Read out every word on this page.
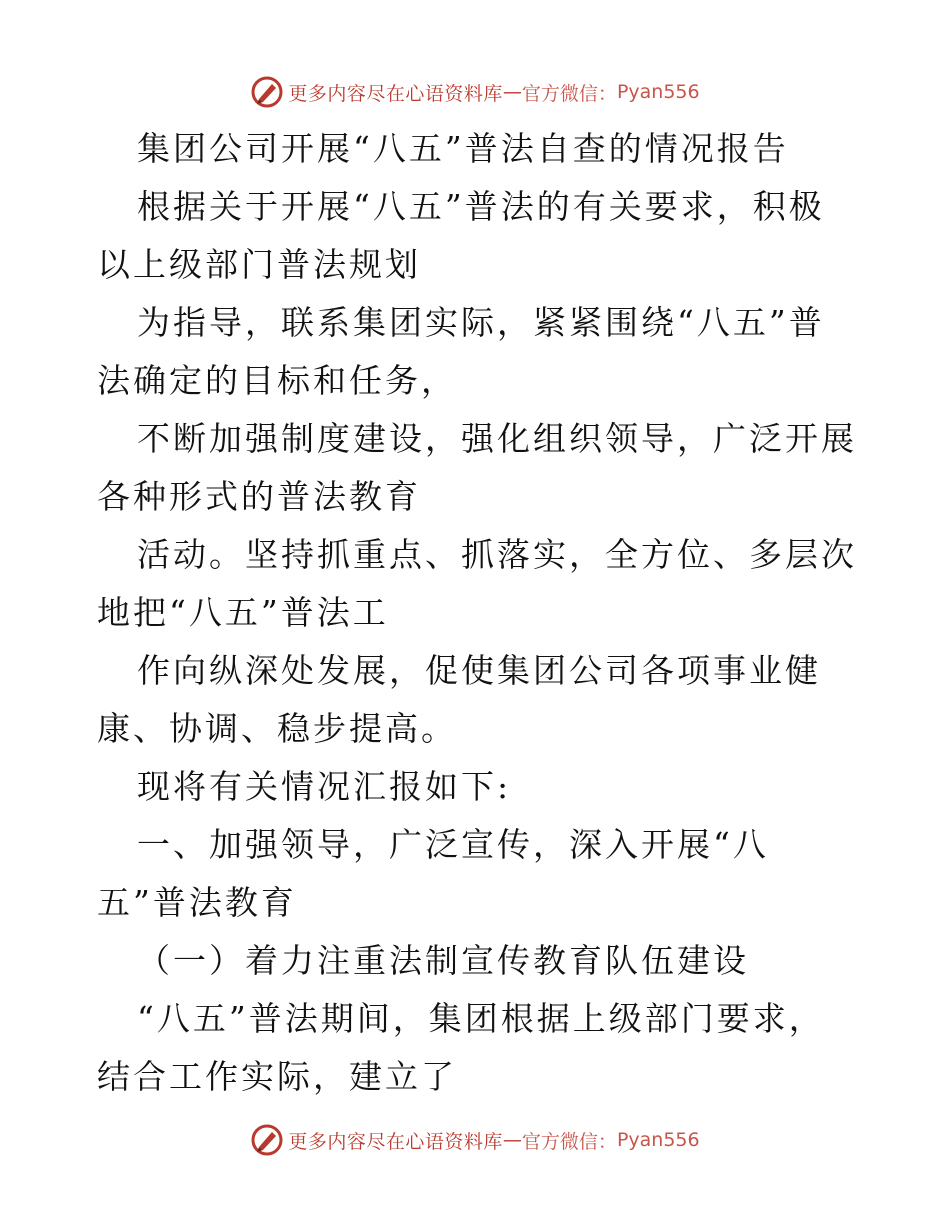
更多内容尽在心语资料库 — 官方微信： Pyan556

集团公司开展“八五”普法自查的情况报告

根据关于开展“八五”普法的有关要求，积极以上级部门普法规划

为指导，联系集团实际，紧紧围绕“八五”普法确定的目标和任务，

不断加强制度建设，强化组织领导，广泛开展各种形式的普法教育

活动。坚持抓重点、抓落实，全方位、多层次地把“八五”普法工

作向纵深处发展，促使集团公司各项事业健康、协调、稳步提高。

现将有关情况汇报如下:

一、加强领导，广泛宣传，深入开展“八五”普法教育

（一）着力注重法制宣传教育队伍建设

“八五”普法期间，集团根据上级部门要求，结合工作实际，建立了

更多内容尽在心语资料库 — 官方微信： Pyan556
